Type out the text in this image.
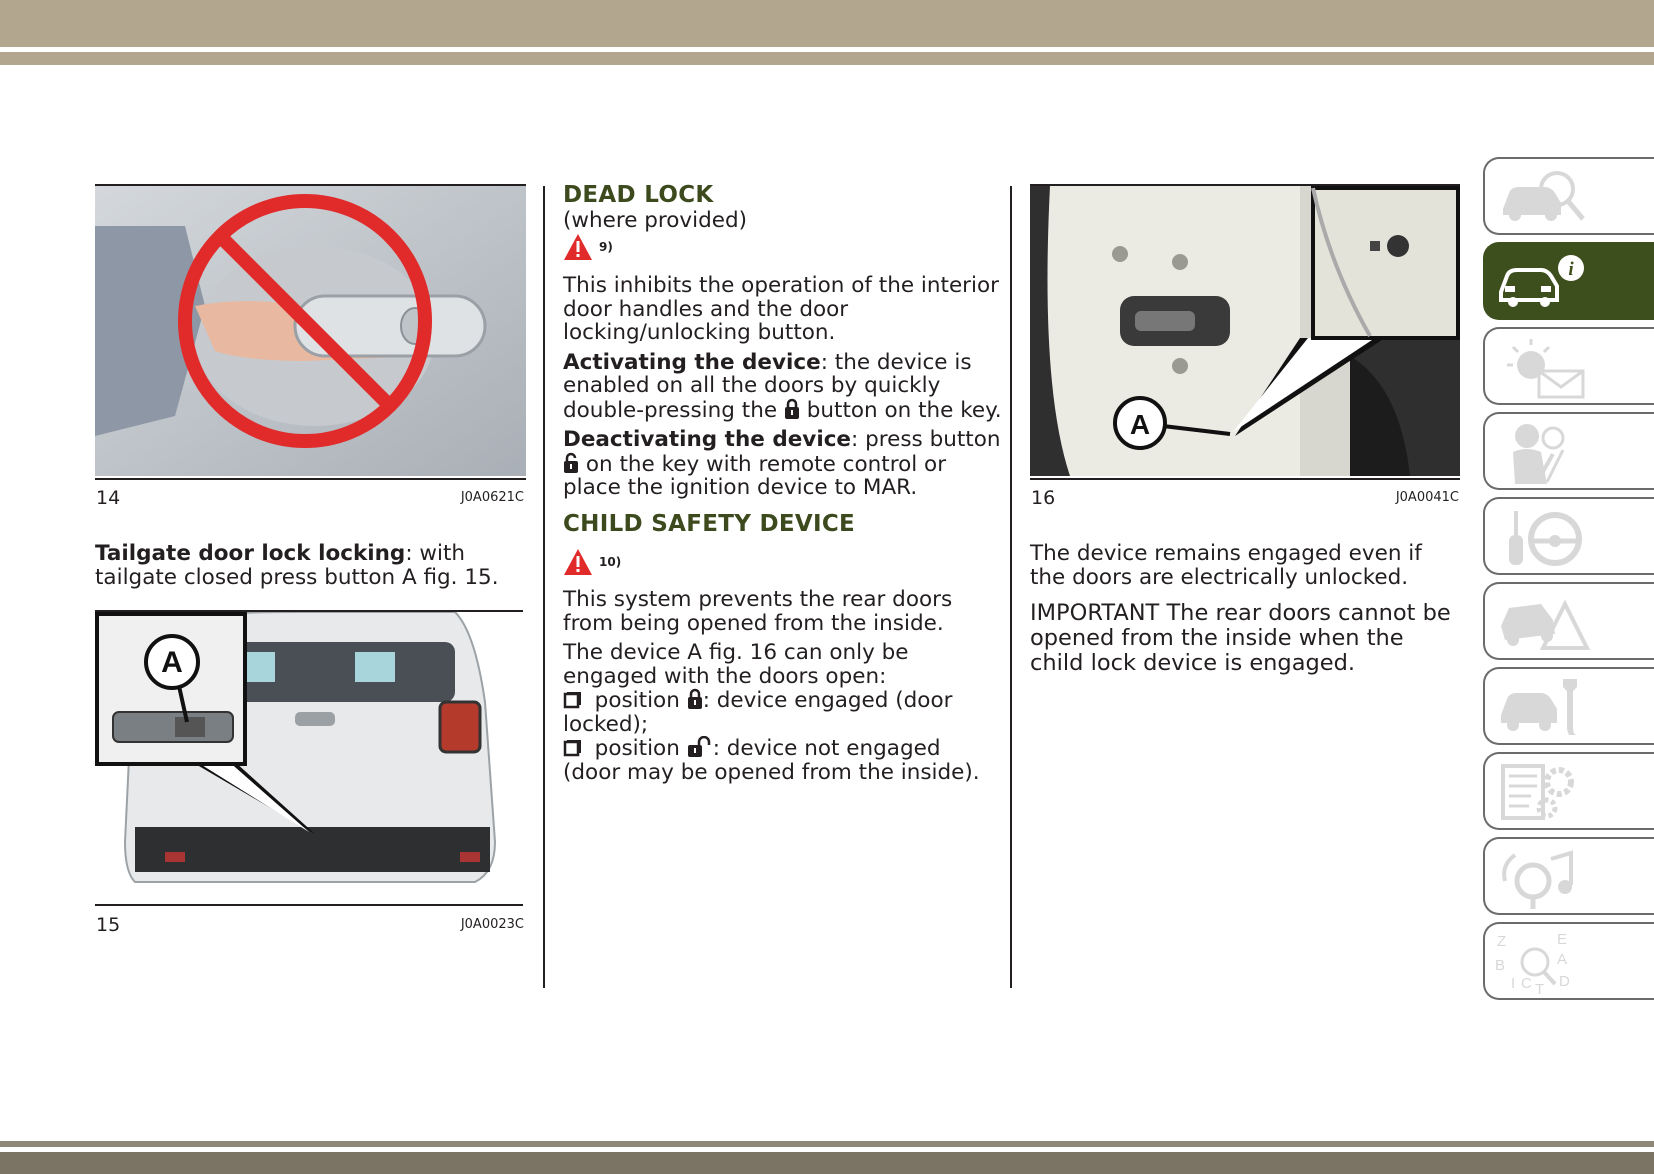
14	J0A0621C

Tailgate door lock locking: with tailgate closed press button A fig. 15.

A
15	J0A0023C
DEAD LOCK
(where provided)
9)

This inhibits the operation of the interior door handles and the door locking/unlocking button.

Activating the device: the device is enabled on all the doors by quickly double-pressing the button on the key.

Deactivating the device: press button  on the key with remote control or place the ignition device to MAR.

CHILD SAFETY DEVICE
10)

This system prevents the rear doors from being opened from the inside.

The device A fig. 16 can only be engaged with the doors open:

position : device engaged (door locked);
position : device not engaged (door may be opened from the inside).
A
16	J0A0041C

The device remains engaged even if the doors are electrically unlocked.

IMPORTANT The rear doors cannot be opened from the inside when the child lock device is engaged.

i
Z	E
B	A
I C T D
